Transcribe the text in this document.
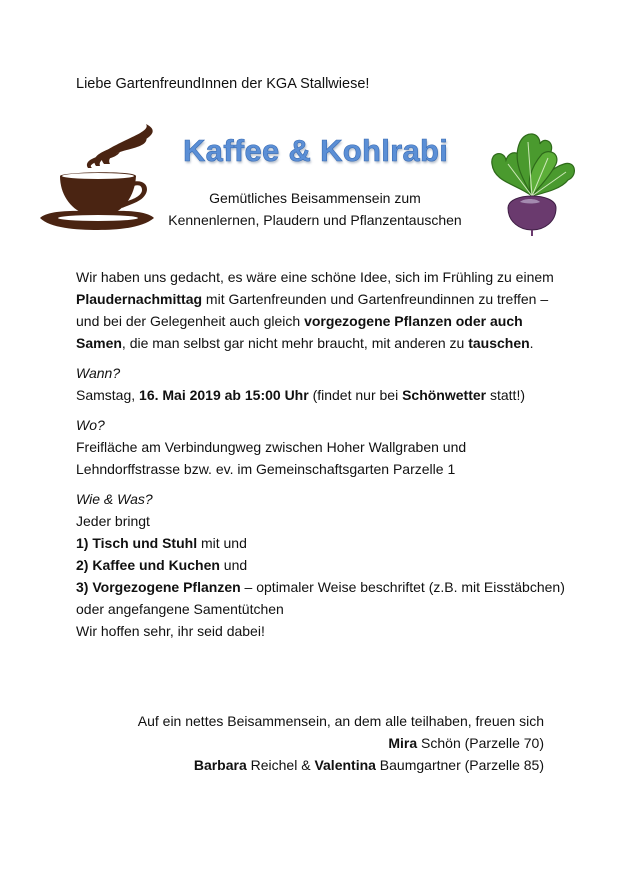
Liebe GartenfreundInnen der KGA Stallwiese!
Kaffee & Kohlrabi
Gemütliches Beisammensein zum
Kennenlernen, Plaudern und Pflanzentauschen

Wir haben uns gedacht, es wäre eine schöne Idee, sich im Frühling zu einem Plaudernachmittag mit Gartenfreunden und Gartenfreundinnen zu treffen – und bei der Gelegenheit auch gleich vorgezogene Pflanzen oder auch Samen, die man selbst gar nicht mehr braucht, mit anderen zu tauschen.

Wann?

Samstag, 16. Mai 2019 ab 15:00 Uhr (findet nur bei Schönwetter statt!)

Wo?

Freifläche am Verbindungweg zwischen Hoher Wallgraben und Lehndorffstrasse bzw. ev. im Gemeinschaftsgarten Parzelle 1

Wie & Was?

Jeder bringt

1) Tisch und Stuhl mit und

2) Kaffee und Kuchen und

3) Vorgezogene Pflanzen – optimaler Weise beschriftet (z.B. mit Eisstäbchen) oder angefangene Samentütchen

Wir hoffen sehr, ihr seid dabei!

Auf ein nettes Beisammensein, an dem alle teilhaben, freuen sich

Mira Schön (Parzelle 70)

Barbara Reichel & Valentina Baumgartner (Parzelle 85)
